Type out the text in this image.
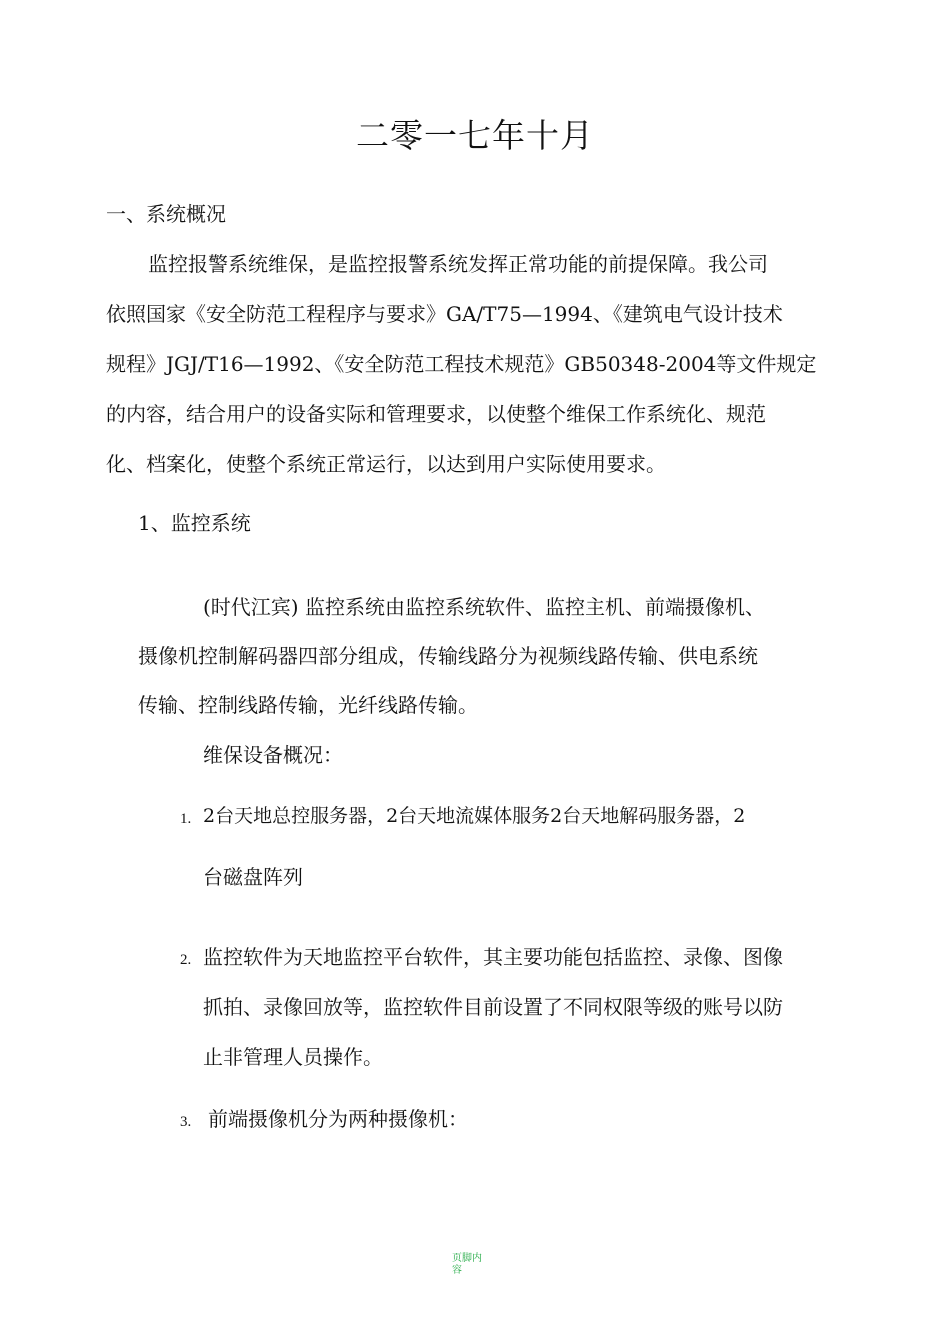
二零一七年十月
一、系统概况
监控报警系统维保，是监控报警系统发挥正常功能的前提保障。我公司
依照国家《安全防范工程程序与要求》GA/T75—1994、《建筑电气设计技术
规程》JGJ/T16—1992、《安全防范工程技术规范》GB50348-2004等文件规定
的内容，结合用户的设备实际和管理要求，以使整个维保工作系统化、规范
化、档案化，使整个系统正常运行，以达到用户实际使用要求。
1、监控系统
(时代江宾) 监控系统由监控系统软件、监控主机、前端摄像机、
摄像机控制解码器四部分组成，传输线路分为视频线路传输、供电系统
传输、控制线路传输，光纤线路传输。
维保设备概况：
1. 2台天地总控服务器，2台天地流媒体服务2台天地解码服务器，2
台磁盘阵列
2. 监控软件为天地监控平台软件，其主要功能包括监控、录像、图像
抓拍、录像回放等，监控软件目前设置了不同权限等级的账号以防
止非管理人员操作。
3. 前端摄像机分为两种摄像机：
页脚内
容
